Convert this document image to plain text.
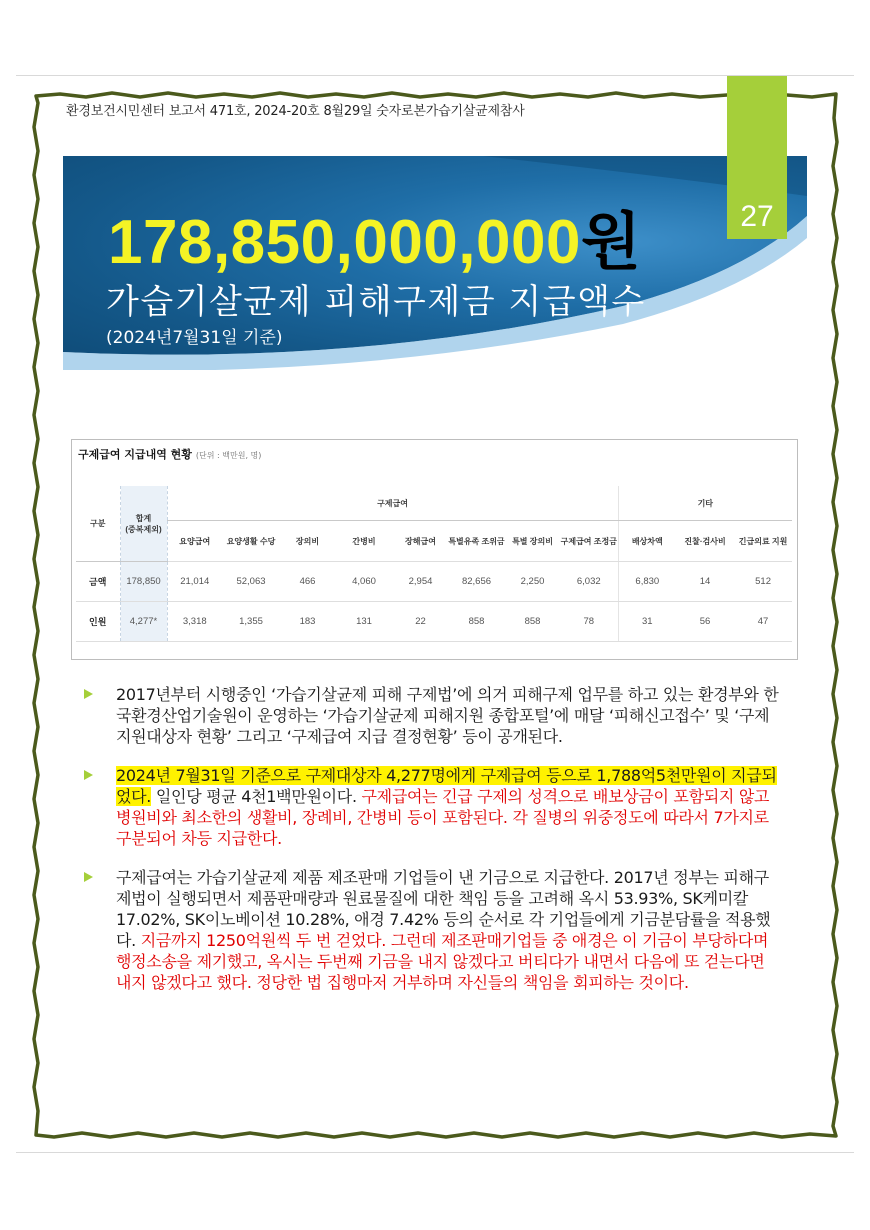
환경보건시민센터 보고서 471호, 2024-20호 8월29일 숫자로본가습기살균제참사
27
178,850,000,000원
가습기살균제 피해구제금 지급액수
(2024년7월31일 기준)
구제급여 지급내역 현황 (단위 : 백만원, 명)
구분	합계
(중복제외)	구제급여								기타		
		요양급여	요양생활 수당	장의비	간병비	장해급여	특별유족 조위금	특별 장의비	구제급여 조정금	배상차액	진찰·검사비	긴급의료 지원
금액	178,850	21,014	52,063	466	4,060	2,954	82,656	2,250	6,032	6,830	14	512
인원	4,277*	3,318	1,355	183	131	22	858	858	78	31	56	47
2017년부터 시행중인 ‘가습기살균제 피해 구제법’에 의거 피해구제 업무를 하고 있는 환경부와 한국환경산업기술원이 운영하는 ‘가습기살균제 피해지원 종합포털’에 매달 ‘피해신고접수’ 및 ‘구제지원대상자 현황’ 그리고 ‘구제급여 지급 결정현황’ 등이 공개된다.
2024년 7월31일 기준으로 구제대상자 4,277명에게 구제급여 등으로 1,788억5천만원이 지급되었다. 일인당 평균 4천1백만원이다. 구제급여는 긴급 구제의 성격으로 배보상금이 포함되지 않고 병원비와 최소한의 생활비, 장례비, 간병비 등이 포함된다. 각 질병의 위중정도에 따라서 7가지로 구분되어 차등 지급한다.
구제급여는 가습기살균제 제품 제조판매 기업들이 낸 기금으로 지급한다. 2017년 정부는 피해구제법이 실행되면서 제품판매량과 원료물질에 대한 책임 등을 고려해 옥시 53.93%, SK케미칼 17.02%, SK이노베이션 10.28%, 애경 7.42% 등의 순서로 각 기업들에게 기금분담률을 적용했다. 지금까지 1250억원씩 두 번 걷었다. 그런데 제조판매기업들 중 애경은 이 기금이 부당하다며 행정소송을 제기했고, 옥시는 두번째 기금을 내지 않겠다고 버티다가 내면서 다음에 또 걷는다면 내지 않겠다고 했다. 정당한 법 집행마저 거부하며 자신들의 책임을 회피하는 것이다.
